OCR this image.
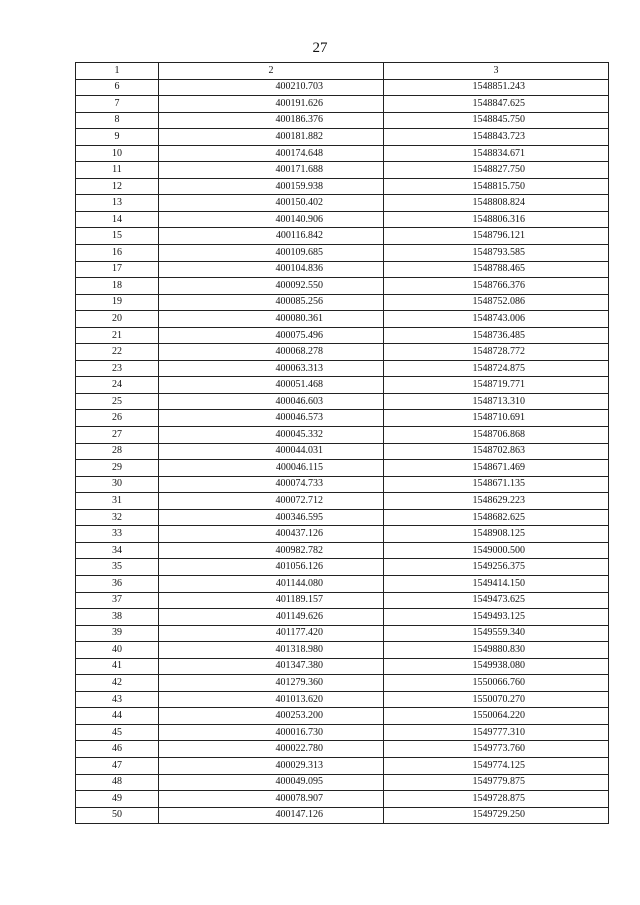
27
1	2	3
6	400210.703	1548851.243
7	400191.626	1548847.625
8	400186.376	1548845.750
9	400181.882	1548843.723
10	400174.648	1548834.671
11	400171.688	1548827.750
12	400159.938	1548815.750
13	400150.402	1548808.824
14	400140.906	1548806.316
15	400116.842	1548796.121
16	400109.685	1548793.585
17	400104.836	1548788.465
18	400092.550	1548766.376
19	400085.256	1548752.086
20	400080.361	1548743.006
21	400075.496	1548736.485
22	400068.278	1548728.772
23	400063.313	1548724.875
24	400051.468	1548719.771
25	400046.603	1548713.310
26	400046.573	1548710.691
27	400045.332	1548706.868
28	400044.031	1548702.863
29	400046.115	1548671.469
30	400074.733	1548671.135
31	400072.712	1548629.223
32	400346.595	1548682.625
33	400437.126	1548908.125
34	400982.782	1549000.500
35	401056.126	1549256.375
36	401144.080	1549414.150
37	401189.157	1549473.625
38	401149.626	1549493.125
39	401177.420	1549559.340
40	401318.980	1549880.830
41	401347.380	1549938.080
42	401279.360	1550066.760
43	401013.620	1550070.270
44	400253.200	1550064.220
45	400016.730	1549777.310
46	400022.780	1549773.760
47	400029.313	1549774.125
48	400049.095	1549779.875
49	400078.907	1549728.875
50	400147.126	1549729.250
